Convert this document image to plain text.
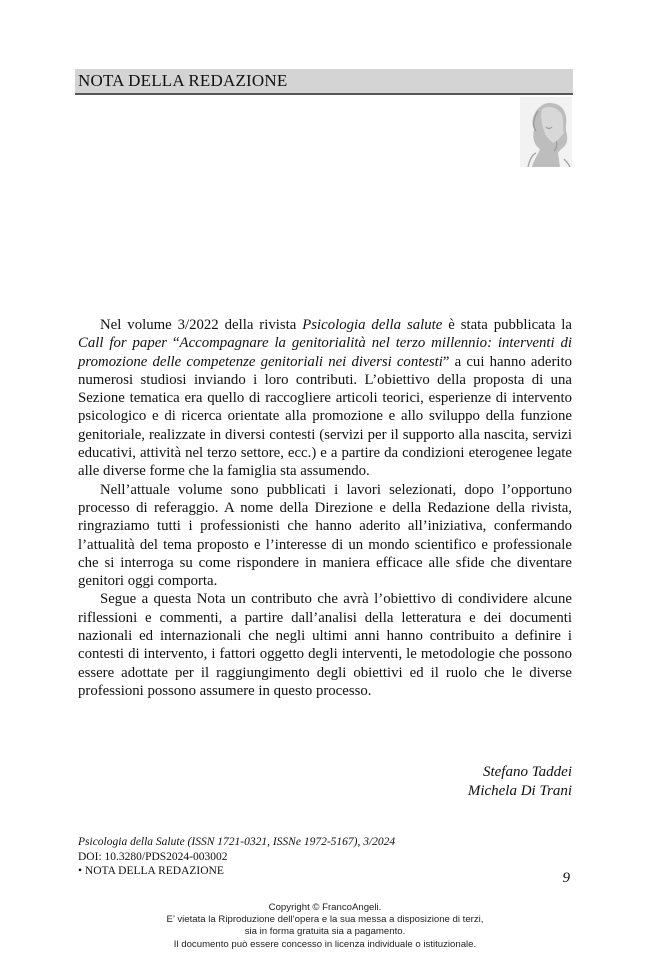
NOTA DELLA REDAZIONE

Nel volume 3/2022 della rivista Psicologia della salute è stata pubblicata la Call for paper “Accompagnare la genitorialità nel terzo millennio: interventi di promozione delle competenze genitoriali nei diversi contesti” a cui hanno aderito numerosi studiosi inviando i loro contributi. L’obiettivo della proposta di una Sezione tematica era quello di raccogliere articoli teorici, esperienze di intervento psicologico e di ricerca orientate alla promozione e allo sviluppo della funzione genitoriale, realizzate in diversi contesti (servizi per il supporto alla nascita, servizi educativi, attività nel terzo settore, ecc.) e a partire da condizioni eterogenee legate alle diverse forme che la famiglia sta assumendo.

Nell’attuale volume sono pubblicati i lavori selezionati, dopo l’opportuno processo di referaggio. A nome della Direzione e della Redazione della rivista, ringraziamo tutti i professionisti che hanno aderito all’iniziativa, confermando l’attualità del tema proposto e l’interesse di un mondo scientifico e professionale che si interroga su come rispondere in maniera efficace alle sfide che diventare genitori oggi comporta.

Segue a questa Nota un contributo che avrà l’obiettivo di condividere alcune riflessioni e commenti, a partire dall’analisi della letteratura e dei documenti nazionali ed internazionali che negli ultimi anni hanno contribuito a definire i contesti di intervento, i fattori oggetto degli interventi, le metodologie che possono essere adottate per il raggiungimento degli obiettivi ed il ruolo che le diverse professioni possono assumere in questo processo.

Stefano Taddei
Michela Di Trani
Psicologia della Salute (ISSN 1721-0321, ISSNe 1972-5167), 3/2024
DOI: 10.3280/PDS2024-003002
• NOTA DELLA REDAZIONE	9
Copyright © FrancoAngeli.
E’ vietata la Riproduzione dell’opera e la sua messa a disposizione di terzi,
sia in forma gratuita sia a pagamento.
Il documento può essere concesso in licenza individuale o istituzionale.
